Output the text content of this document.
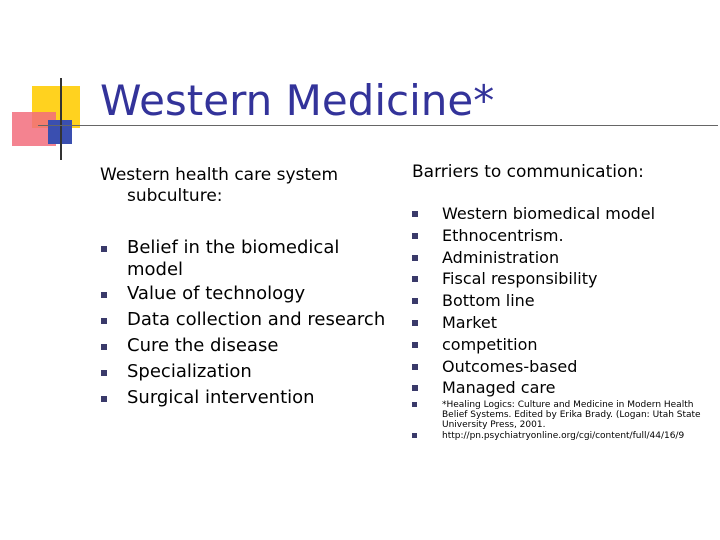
Western Medicine*
Western health care system
subculture:
Belief in the biomedical
model
Value of technology
Data collection and research
Cure the disease
Specialization
Surgical intervention
Barriers to communication:
Western biomedical model
Ethnocentrism.
Administration
Fiscal responsibility
Bottom line
Market
competition
Outcomes-based
Managed care
*Healing Logics: Culture and Medicine in Modern Health
Belief Systems. Edited by Erika Brady. (Logan: Utah State
University Press, 2001.
http://pn.psychiatryonline.org/cgi/content/full/44/16/9
